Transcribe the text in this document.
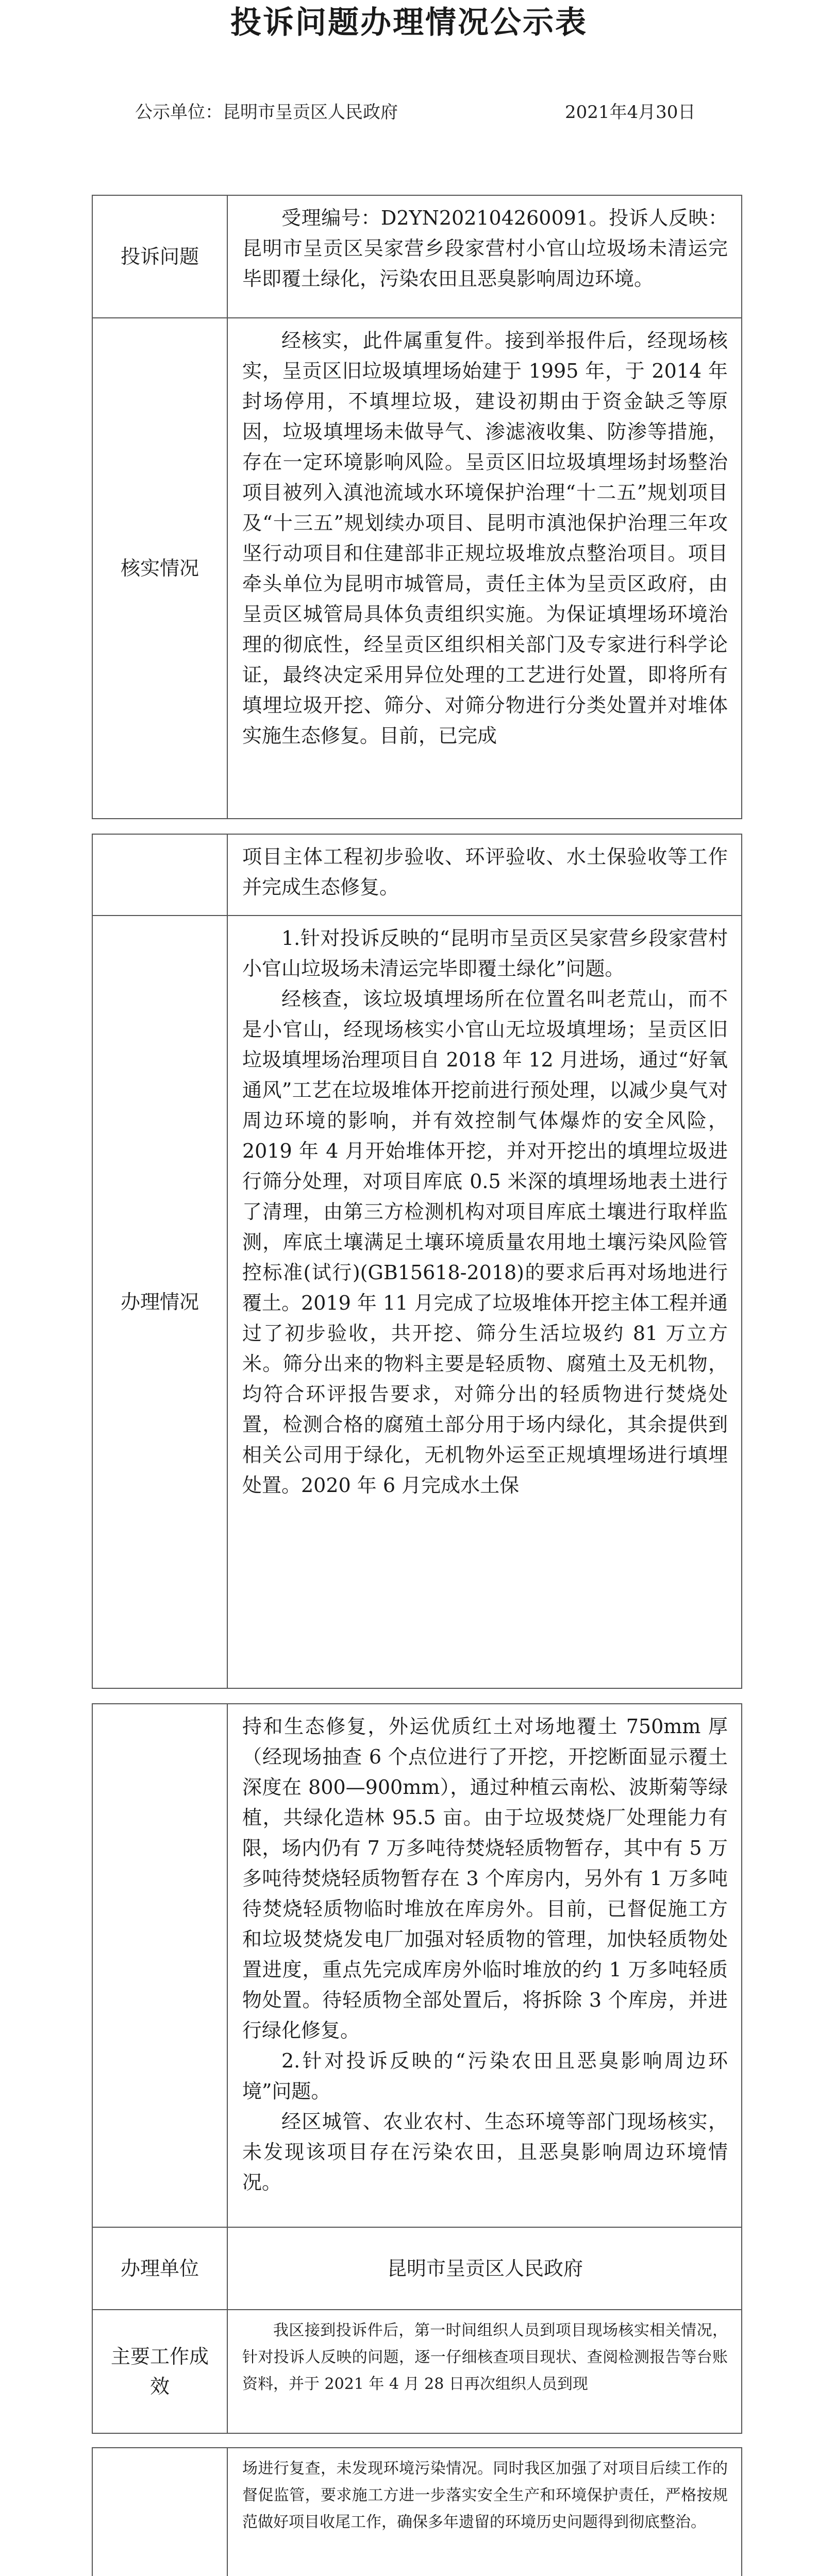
投诉问题办理情况公示表
公示单位：昆明市呈贡区人民政府	2021年4月30日
投诉问题

受理编号：D2YN202104260091。投诉人反映：昆明市呈贡区吴家营乡段家营村小官山垃圾场未清运完毕即覆土绿化，污染农田且恶臭影响周边环境。

核实情况

经核实，此件属重复件。接到举报件后，经现场核实，呈贡区旧垃圾填埋场始建于 1995 年，于 2014 年封场停用，不填埋垃圾，建设初期由于资金缺乏等原因，垃圾填埋场未做导气、渗滤液收集、防渗等措施，存在一定环境影响风险。呈贡区旧垃圾填埋场封场整治项目被列入滇池流域水环境保护治理“十二五”规划项目及“十三五”规划续办项目、昆明市滇池保护治理三年攻坚行动项目和住建部非正规垃圾堆放点整治项目。项目牵头单位为昆明市城管局，责任主体为呈贡区政府，由呈贡区城管局具体负责组织实施。为保证填埋场环境治理的彻底性，经呈贡区组织相关部门及专家进行科学论证，最终决定采用异位处理的工艺进行处置，即将所有填埋垃圾开挖、筛分、对筛分物进行分类处置并对堆体实施生态修复。目前，已完成

项目主体工程初步验收、环评验收、水土保验收等工作并完成生态修复。

办理情况

1.针对投诉反映的“昆明市呈贡区吴家营乡段家营村小官山垃圾场未清运完毕即覆土绿化”问题。

经核查，该垃圾填埋场所在位置名叫老荒山，而不是小官山，经现场核实小官山无垃圾填埋场；呈贡区旧垃圾填埋场治理项目自 2018 年 12 月进场，通过“好氧通风”工艺在垃圾堆体开挖前进行预处理，以减少臭气对周边环境的影响，并有效控制气体爆炸的安全风险，2019 年 4 月开始堆体开挖，并对开挖出的填埋垃圾进行筛分处理，对项目库底 0.5 米深的填埋场地表土进行了清理，由第三方检测机构对项目库底土壤进行取样监测，库底土壤满足土壤环境质量农用地土壤污染风险管控标准(试行)(GB15618-2018)的要求后再对场地进行覆土。2019 年 11 月完成了垃圾堆体开挖主体工程并通过了初步验收，共开挖、筛分生活垃圾约 81 万立方米。筛分出来的物料主要是轻质物、腐殖土及无机物，均符合环评报告要求，对筛分出的轻质物进行焚烧处置，检测合格的腐殖土部分用于场内绿化，其余提供到相关公司用于绿化，无机物外运至正规填埋场进行填埋处置。2020 年 6 月完成水土保

持和生态修复，外运优质红土对场地覆土 750mm 厚（经现场抽查 6 个点位进行了开挖，开挖断面显示覆土深度在 800—900mm），通过种植云南松、波斯菊等绿植，共绿化造林 95.5 亩。由于垃圾焚烧厂处理能力有限，场内仍有 7 万多吨待焚烧轻质物暂存，其中有 5 万多吨待焚烧轻质物暂存在 3 个库房内，另外有 1 万多吨待焚烧轻质物临时堆放在库房外。目前，已督促施工方和垃圾焚烧发电厂加强对轻质物的管理，加快轻质物处置进度，重点先完成库房外临时堆放的约 1 万多吨轻质物处置。待轻质物全部处置后，将拆除 3 个库房，并进行绿化修复。

2.针对投诉反映的“污染农田且恶臭影响周边环境”问题。

经区城管、农业农村、生态环境等部门现场核实，未发现该项目存在污染农田，且恶臭影响周边环境情况。

办理单位	昆明市呈贡区人民政府
主要工作成效

我区接到投诉件后，第一时间组织人员到项目现场核实相关情况，针对投诉人反映的问题，逐一仔细核查项目现状、查阅检测报告等台账资料，并于 2021 年 4 月 28 日再次组织人员到现

场进行复查，未发现环境污染情况。同时我区加强了对项目后续工作的督促监管，要求施工方进一步落实安全生产和环境保护责任，严格按规范做好项目收尾工作，确保多年遗留的环境历史问题得到彻底整治。
